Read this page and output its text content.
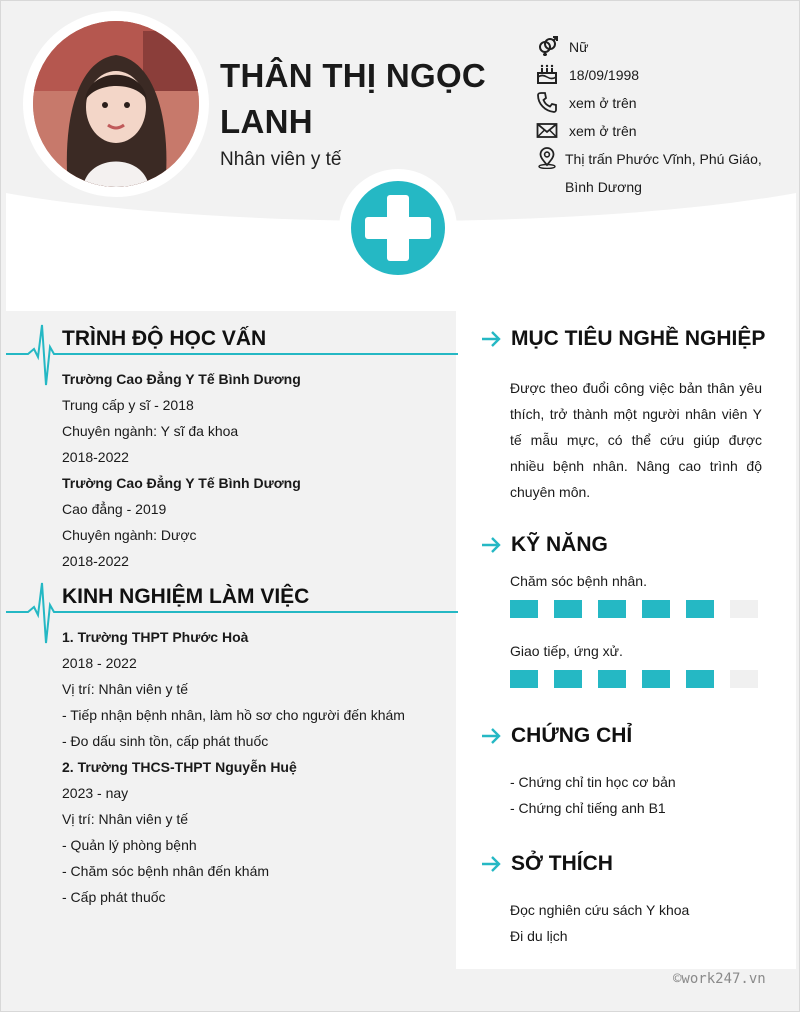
THÂN THỊ NGỌC LANH
Nhân viên y tế
Nữ
18/09/1998
xem ở trên
xem ở trên
Thị trấn Phước Vĩnh, Phú Giáo, Bình Dương
TRÌNH ĐỘ HỌC VẤN
Trường Cao Đẳng Y Tế Bình Dương
Trung cấp y sĩ - 2018
Chuyên ngành: Y sĩ đa khoa
2018-2022
Trường Cao Đẳng Y Tế Bình Dương
Cao đẳng - 2019
Chuyên ngành: Dược
2018-2022
KINH NGHIỆM LÀM VIỆC
1. Trường THPT Phước Hoà
2018 - 2022
Vị trí: Nhân viên y tế
- Tiếp nhận bệnh nhân, làm hồ sơ cho người đến khám
- Đo dấu sinh tồn, cấp phát thuốc
2. Trường THCS-THPT Nguyễn Huệ
2023 - nay
Vị trí: Nhân viên y tế
- Quản lý phòng bệnh
- Chăm sóc bệnh nhân đến khám
- Cấp phát thuốc
MỤC TIÊU NGHỀ NGHIỆP
Được theo đuổi công việc bản thân yêu thích, trở thành một người nhân viên Y tế mẫu mực, có thể cứu giúp được nhiều bệnh nhân. Nâng cao trình độ chuyên môn.
KỸ NĂNG
Chăm sóc bệnh nhân.
Giao tiếp, ứng xử.
CHỨNG CHỈ
- Chứng chỉ tin học cơ bản
- Chứng chỉ tiếng anh B1
SỞ THÍCH
Đọc nghiên cứu sách Y khoa
Đi du lịch
©work247.vn
